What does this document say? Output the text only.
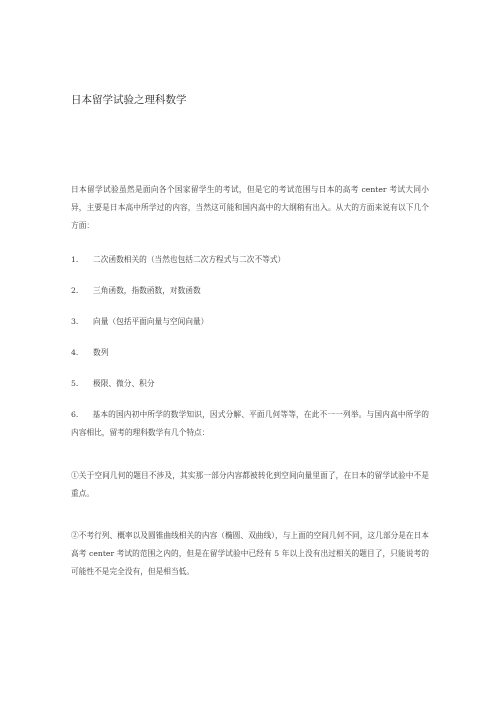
日本留学试验之理科数学

日本留学试验虽然是面向各个国家留学生的考试，但是它的考试范围与日本的高考 center 考试大同小异，主要是日本高中所学过的内容，当然这可能和国内高中的大纲稍有出入。从大的方面来说有以下几个方面：

1. 二次函数相关的（当然也包括二次方程式与二次不等式）

2. 三角函数，指数函数，对数函数

3. 向量（包括平面向量与空间向量）

4. 数列

5. 极限、微分、积分

6. 基本的国内初中所学的数学知识，因式分解、平面几何等等，在此不一一列举。与国内高中所学的内容相比，留考的理科数学有几个特点：

①关于空间几何的题目不涉及，其实那一部分内容都被转化到空间向量里面了，在日本的留学试验中不是重点。

②不考行列、概率以及圆锥曲线相关的内容（椭圆、双曲线），与上面的空间几何不同，这几部分是在日本高考 center 考试的范围之内的，但是在留学试验中已经有 5 年以上没有出过相关的题目了，只能说考的可能性不是完全没有，但是相当低。
